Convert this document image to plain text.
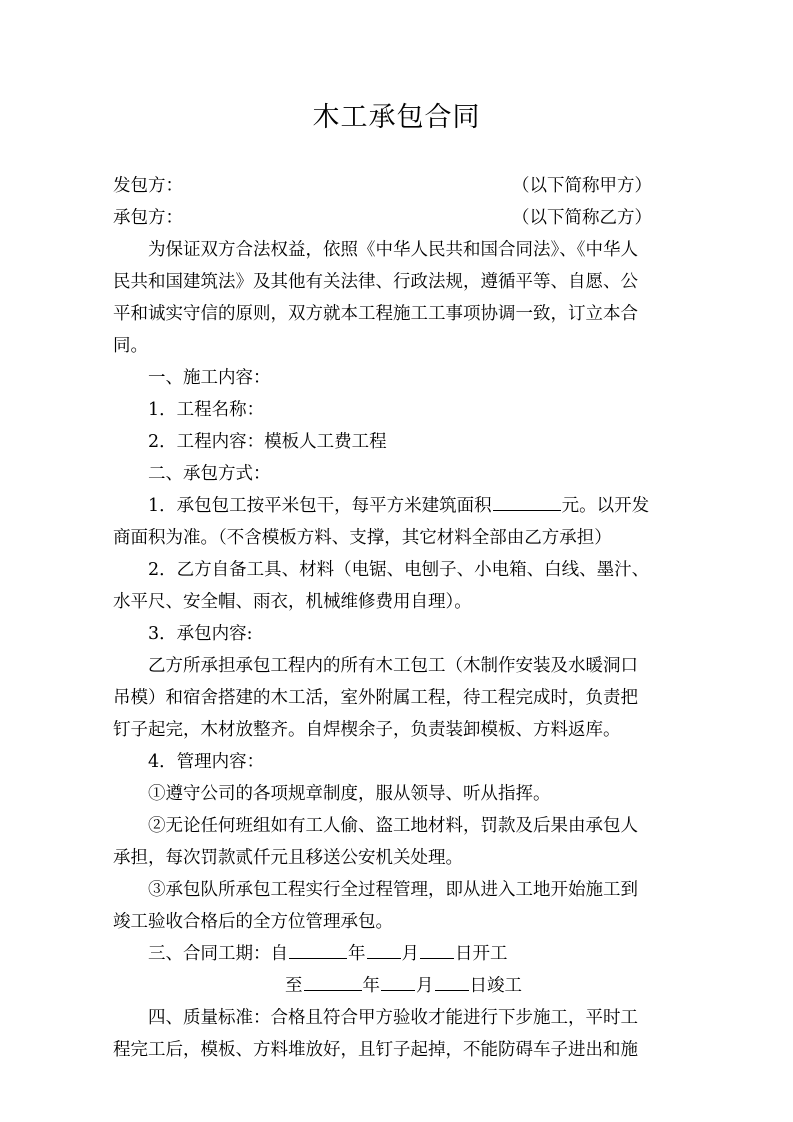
木工承包合同
发包方：	（以下简称甲方）
承包方：	（以下简称乙方）
为保证双方合法权益，依照《中华人民共和国合同法》、《中华人
民共和国建筑法》及其他有关法律、行政法规，遵循平等、自愿、公
平和诚实守信的原则，双方就本工程施工工事项协调一致，订立本合
同。
一、施工内容：
1．工程名称：
2．工程内容：模板人工费工程
二、承包方式：
1．承包包工按平米包干，每平方米建筑面积	元。以开发
商面积为准。（不含模板方料、支撑，其它材料全部由乙方承担）
2．乙方自备工具、材料（电锯、电刨子、小电箱、白线、墨汁、
水平尺、安全帽、雨衣，机械维修费用自理）。
3．承包内容:
乙方所承担承包工程内的所有木工包工（木制作安装及水暖洞口
吊模）和宿舍搭建的木工活，室外附属工程，待工程完成时，负责把
钉子起完，木材放整齐。自焊楔余子，负责装卸模板、方料返库。
4．管理内容：
①遵守公司的各项规章制度，服从领导、听从指挥。
②无论任何班组如有工人偷、盗工地材料，罚款及后果由承包人
承担，每次罚款贰仟元且移送公安机关处理。
③承包队所承包工程实行全过程管理，即从进入工地开始施工到
竣工验收合格后的全方位管理承包。
三、合同工期：自	年 月 日开工
至	年 月 日竣工
四、质量标准：合格且符合甲方验收才能进行下步施工，平时工
程完工后，模板、方料堆放好，且钉子起掉，不能防碍车子进出和施
